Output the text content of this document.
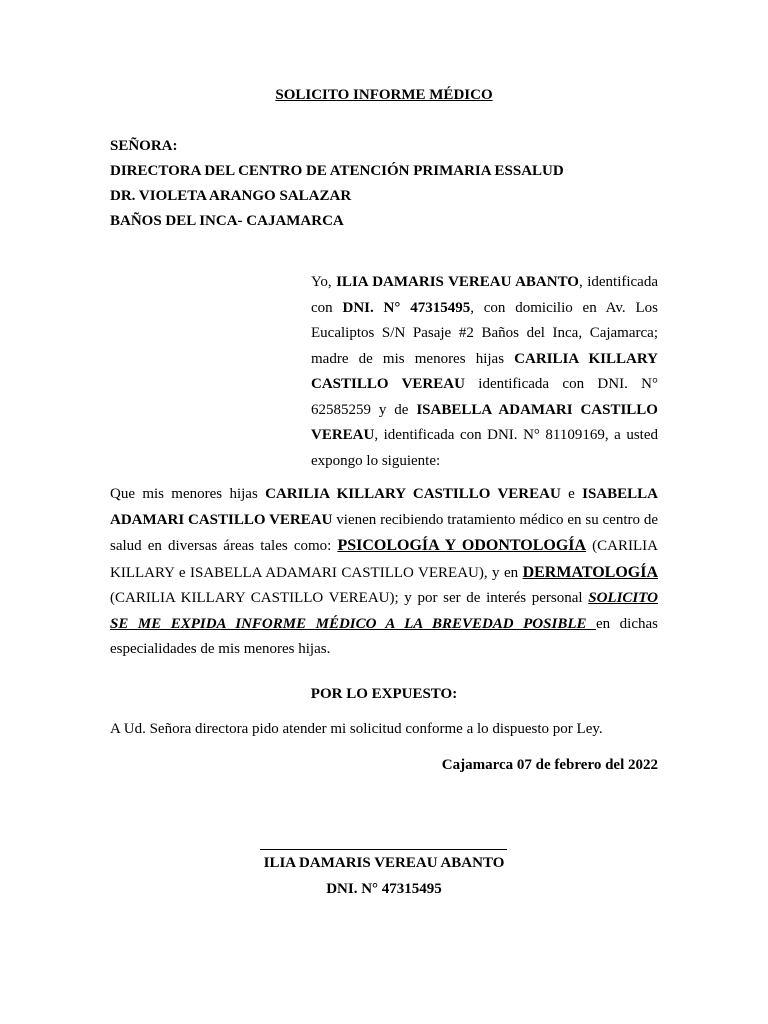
SOLICITO INFORME MÉDICO
SEÑORA:
DIRECTORA DEL CENTRO DE ATENCIÓN PRIMARIA ESSALUD
DR. VIOLETA ARANGO SALAZAR
BAÑOS DEL INCA- CAJAMARCA
Yo, ILIA DAMARIS VEREAU ABANTO, identificada con DNI. N° 47315495, con domicilio en Av. Los Eucaliptos S/N Pasaje #2 Baños del Inca, Cajamarca; madre de mis menores hijas CARILIA KILLARY CASTILLO VEREAU identificada con DNI. N° 62585259 y de ISABELLA ADAMARI CASTILLO VEREAU, identificada con DNI. N° 81109169, a usted expongo lo siguiente:
Que mis menores hijas CARILIA KILLARY CASTILLO VEREAU e ISABELLA ADAMARI CASTILLO VEREAU vienen recibiendo tratamiento médico en su centro de salud en diversas áreas tales como: PSICOLOGÍA Y ODONTOLOGÍA (CARILIA KILLARY e ISABELLA ADAMARI CASTILLO VEREAU), y en DERMATOLOGÍA (CARILIA KILLARY CASTILLO VEREAU); y por ser de interés personal SOLICITO SE ME EXPIDA INFORME MÉDICO A LA BREVEDAD POSIBLE en dichas especialidades de mis menores hijas.
POR LO EXPUESTO:
A Ud. Señora directora pido atender mi solicitud conforme a lo dispuesto por Ley.
Cajamarca 07 de febrero del 2022
ILIA DAMARIS VEREAU ABANTO
DNI. N° 47315495
